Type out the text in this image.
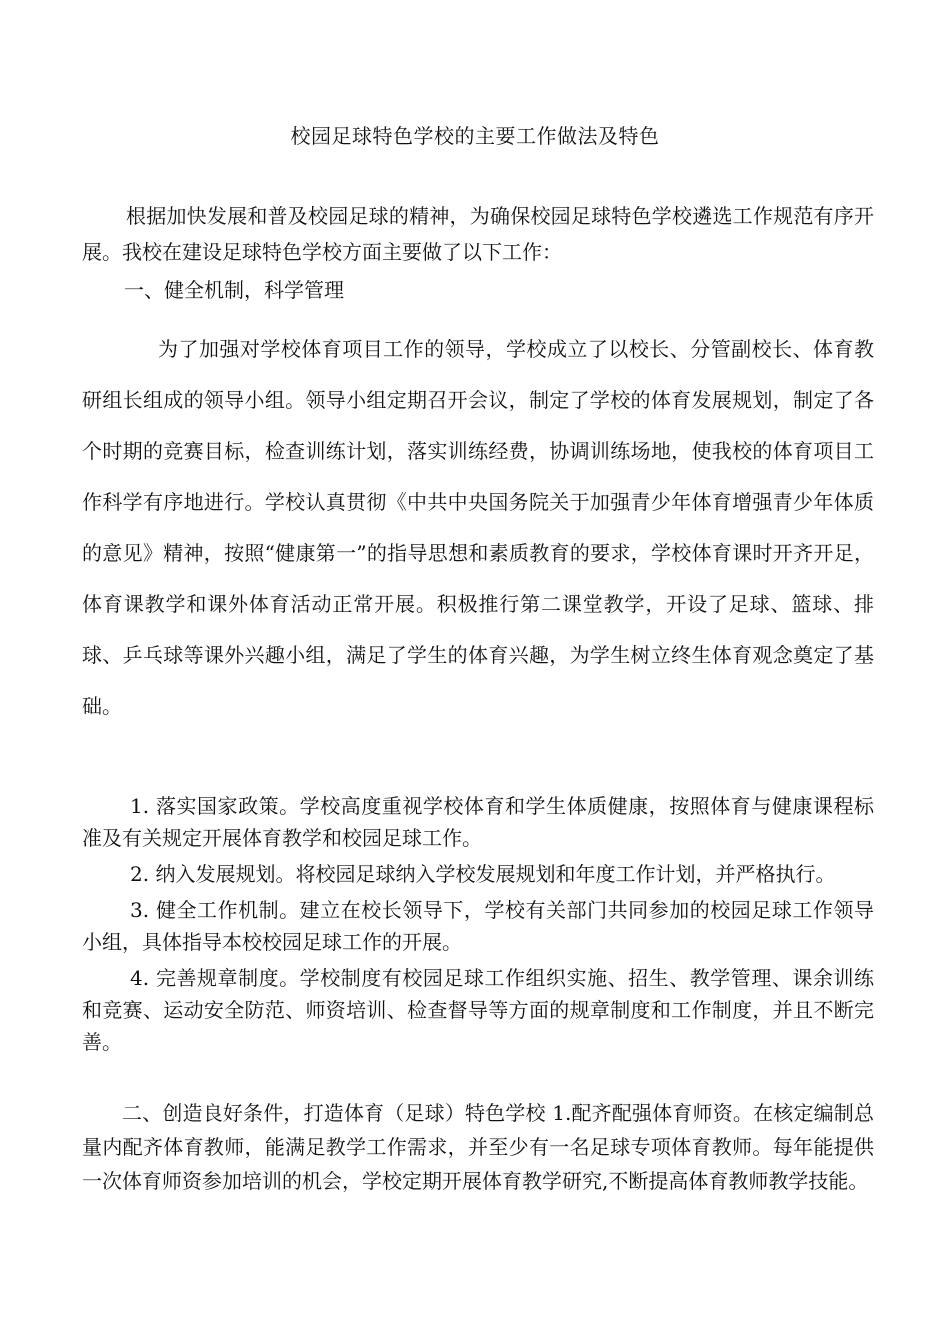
校园足球特色学校的主要工作做法及特色
根据加快发展和普及校园足球的精神，为确保校园足球特色学校遴选工作规范有序开展。我校在建设足球特色学校方面主要做了以下工作：
一、健全机制，科学管理
为了加强对学校体育项目工作的领导，学校成立了以校长、分管副校长、体育教研组长组成的领导小组。领导小组定期召开会议，制定了学校的体育发展规划，制定了各个时期的竞赛目标，检查训练计划，落实训练经费，协调训练场地，使我校的体育项目工作科学有序地进行。学校认真贯彻《中共中央国务院关于加强青少年体育增强青少年体质的意见》精神，按照“健康第一”的指导思想和素质教育的要求，学校体育课时开齐开足，体育课教学和课外体育活动正常开展。积极推行第二课堂教学，开设了足球、篮球、排球、乒乓球等课外兴趣小组，满足了学生的体育兴趣，为学生树立终生体育观念奠定了基础。
1. 落实国家政策。学校高度重视学校体育和学生体质健康，按照体育与健康课程标准及有关规定开展体育教学和校园足球工作。
2. 纳入发展规划。将校园足球纳入学校发展规划和年度工作计划，并严格执行。
3. 健全工作机制。建立在校长领导下，学校有关部门共同参加的校园足球工作领导小组，具体指导本校校园足球工作的开展。
4. 完善规章制度。学校制度有校园足球工作组织实施、招生、教学管理、课余训练和竞赛、运动安全防范、师资培训、检查督导等方面的规章制度和工作制度，并且不断完善。
二、创造良好条件，打造体育（足球）特色学校 1.配齐配强体育师资。在核定编制总量内配齐体育教师，能满足教学工作需求，并至少有一名足球专项体育教师。每年能提供一次体育师资参加培训的机会，学校定期开展体育教学研究,不断提高体育教师教学技能。
